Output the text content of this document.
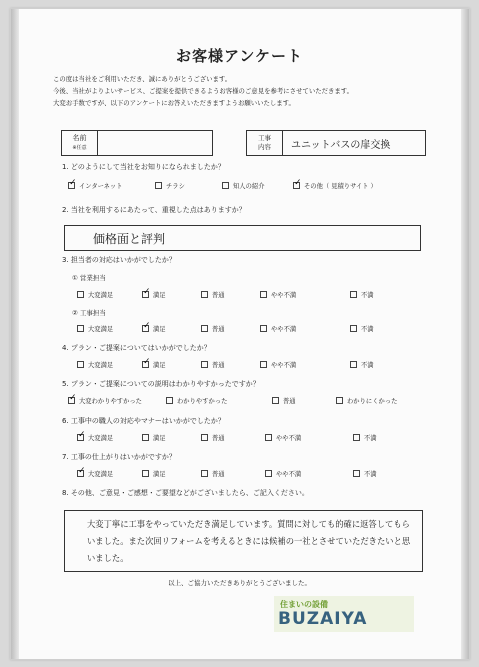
お客様アンケート
この度は当社をご利用いただき、誠にありがとうございます。
今後、当社がよりよいサービス、ご提案を提供できるようお客様のご意見を参考にさせていただきます。
大変お手数ですが、以下のアンケートにお答えいただきますようお願いいたします。
名前
※任意
工事
内容	ユニットバスの扉交換
1. どのようにして当社をお知りになられましたか？
✓
インターネット	チラシ	知人の紹介 ✓	その他（ 見積りサイト ）
2. 当社を利用するにあたって、重視した点はありますか？
価格面と評判
3. 担当者の対応はいかがでしたか？
① 営業担当
大変満足 ✓	満足	普通	やや不満	不満
② 工事担当
大変満足 ✓	満足	普通	やや不満	不満
4. プラン・ご提案についてはいかがでしたか？
大変満足 ✓	満足	普通	やや不満	不満
5. プラン・ご提案についての説明はわかりやすかったですか？
✓
大変わかりやすかった	わかりやすかった	普通	わかりにくかった
6. 工事中の職人の対応やマナーはいかがでしたか？
✓
大変満足	満足	普通	やや不満	不満
7. 工事の仕上がりはいかがですか？
✓
大変満足	満足	普通	やや不満	不満
8. その他、ご意見・ご感想・ご要望などがございましたら、ご記入ください。
大変丁寧に工事をやっていただき満足しています。質問に対しても的確に返答してもらいました。また次回リフォームを考えるときには候補の一社とさせていただきたいと思いました。
以上、ご協力いただきありがとうございました。
住まいの設備
BUZAIYA
